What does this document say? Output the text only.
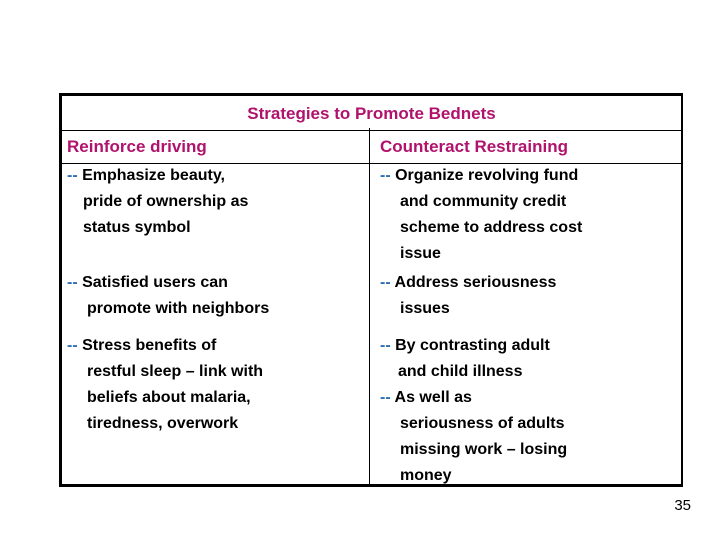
Strategies to Promote Bednets
Reinforce driving	Counteract Restraining
-- Emphasize beauty,
pride of ownership as
status symbol
-- Organize revolving fund
and community credit
scheme to address cost
issue
-- Satisfied users can
promote with neighbors
-- Address seriousness
issues
-- Stress benefits of
restful sleep – link with
beliefs about malaria,
tiredness, overwork
-- By contrasting adult
and child illness
-- As well as
seriousness of adults
missing work – losing
money
35
